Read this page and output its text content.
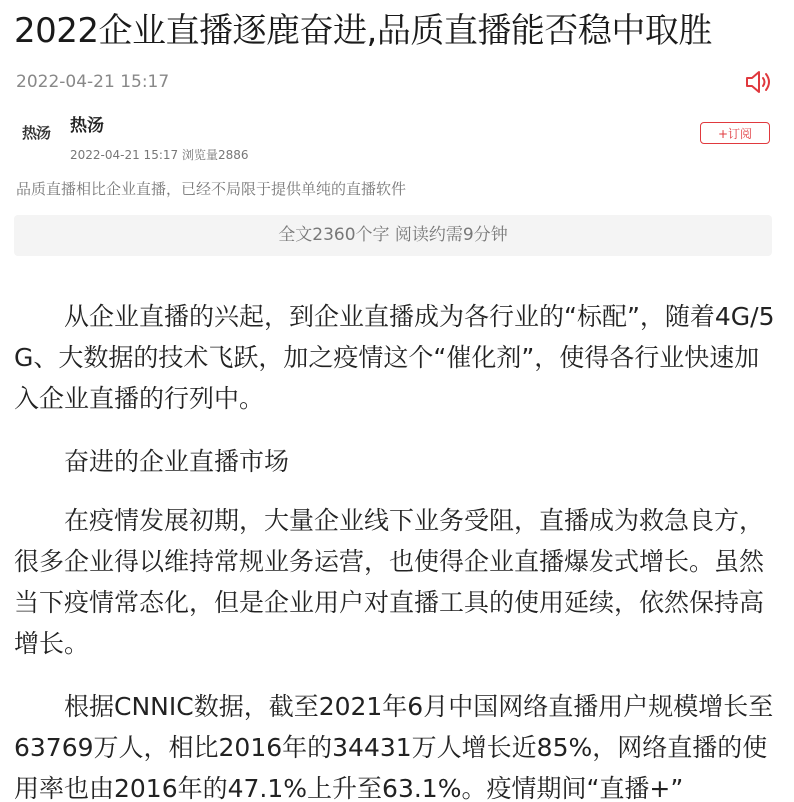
2022企业直播逐鹿奋进,品质直播能否稳中取胜
2022-04-21 15:17
热汤	热汤
2022-04-21 15:17 浏览量2886
+订阅
品质直播相比企业直播，已经不局限于提供单纯的直播软件
全文2360个字 阅读约需9分钟

从企业直播的兴起，到企业直播成为各行业的“标配”，随着4G/5G、大数据的技术飞跃，加之疫情这个“催化剂”，使得各行业快速加入企业直播的行列中。

奋进的企业直播市场

在疫情发展初期，大量企业线下业务受阻，直播成为救急良方，很多企业得以维持常规业务运营，也使得企业直播爆发式增长。虽然当下疫情常态化，但是企业用户对直播工具的使用延续，依然保持高增长。

根据CNNIC数据，截至2021年6月中国网络直播用户规模增长至63769万人，相比2016年的34431万人增长近85%，网络直播的使用率也由2016年的47.1%上升至63.1%。疫情期间“直播+”
